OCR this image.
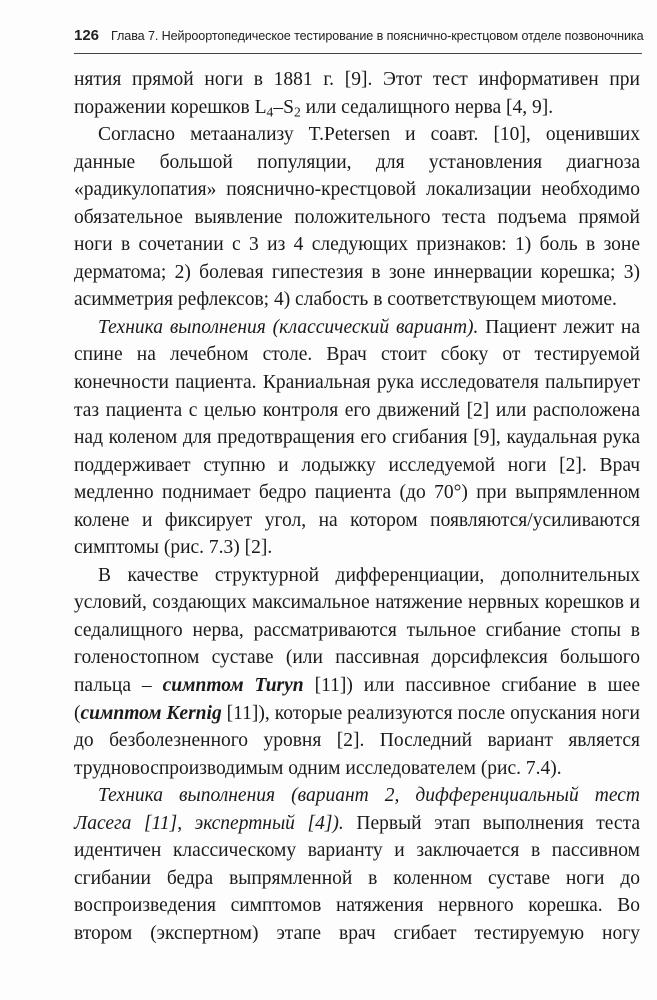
126 Глава 7. Нейроортопедическое тестирование в пояснично-крестцовом отделе позвоночника

нятия прямой ноги в 1881 г. [9]. Этот тест информативен при поражении корешков $L_4-S_2$ или седалищного нерва [4, 9].

Согласно метаанализу T.Petersen и соавт. [10], оценивших данные большой популяции, для установления диагноза «радикулопатия» пояснично-крестцовой локализации необходимо обязательное выявление положительного теста подъема прямой ноги в сочетании с 3 из 4 следующих признаков: 1) боль в зоне дерматома; 2) болевая гипестезия в зоне иннервации корешка; 3) асимметрия рефлексов; 4) слабость в соответствующем миотоме.

Техника выполнения (классический вариант). Пациент лежит на спине на лечебном столе. Врач стоит сбоку от тестируемой конечности пациента. Краниальная рука исследователя пальпирует таз пациента с целью контроля его движений [2] или расположена над коленом для предотвращения его сгибания [9], каудальная рука поддерживает ступню и лодыжку исследуемой ноги [2]. Врач медленно поднимает бедро пациента (до 70°) при выпрямленном колене и фиксирует угол, на котором появляются/усиливаются симптомы (рис. 7.3) [2].

В качестве структурной дифференциации, дополнительных условий, создающих максимальное натяжение нервных корешков и седалищного нерва, рассматриваются тыльное сгибание стопы в голеностопном суставе (или пассивная дорсифлексия большого пальца – симптом Turyn [11]) или пассивное сгибание в шее (симптом Kernig [11]), которые реализуются после опускания ноги до безболезненного уровня [2]. Последний вариант является трудновоспроизводимым одним исследователем (рис. 7.4).

Техника выполнения (вариант 2, дифференциальный тест Ласега [11], экспертный [4]). Первый этап выполнения теста идентичен классическому варианту и заключается в пассивном сгибании бедра выпрямленной в коленном суставе ноги до воспроизведения симптомов натяжения нервного корешка. Во втором (экспертном) этапе врач сгибает тестируемую ногу
